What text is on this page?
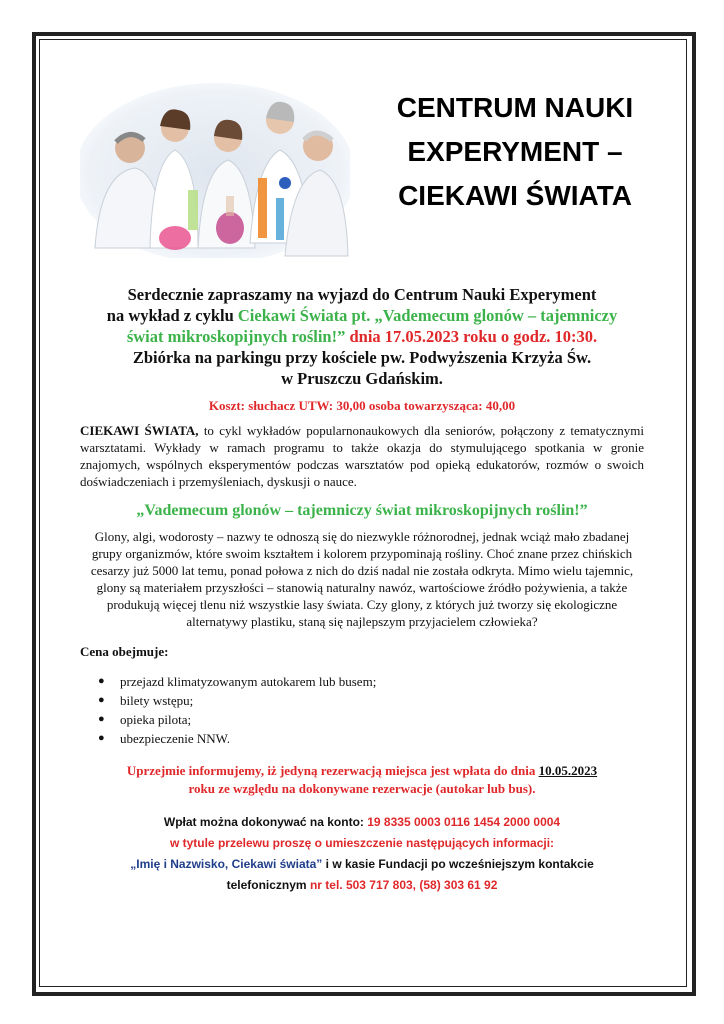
CENTRUM NAUKI
EXPERYMENT –
CIEKAWI ŚWIATA
Serdecznie zapraszamy na wyjazd do Centrum Nauki Experyment
na wykład z cyklu Ciekawi Świata pt. „Vademecum glonów – tajemniczy
świat mikroskopijnych roślin!” dnia 17.05.2023 roku o godz. 10:30.
Zbiórka na parkingu przy kościele pw. Podwyższenia Krzyża Św.
w Pruszczu Gdańskim.
Koszt: słuchacz UTW: 30,00 osoba towarzysząca: 40,00
CIEKAWI ŚWIATA, to cykl wykładów popularnonaukowych dla seniorów, połączony z tematycznymi warsztatami. Wykłady w ramach programu to także okazja do stymulującego spotkania w gronie znajomych, wspólnych eksperymentów podczas warsztatów pod opieką edukatorów, rozmów o swoich doświadczeniach i przemyśleniach, dyskusji o nauce.
„Vademecum glonów – tajemniczy świat mikroskopijnych roślin!”
Glony, algi, wodorosty – nazwy te odnoszą się do niezwykle różnorodnej, jednak wciąż mało zbadanej grupy organizmów, które swoim kształtem i kolorem przypominają rośliny. Choć znane przez chińskich cesarzy już 5000 lat temu, ponad połowa z nich do dziś nadal nie została odkryta. Mimo wielu tajemnic, glony są materiałem przyszłości – stanowią naturalny nawóz, wartościowe źródło pożywienia, a także produkują więcej tlenu niż wszystkie lasy świata. Czy glony, z których już tworzy się ekologiczne alternatywy plastiku, staną się najlepszym przyjacielem człowieka?
Cena obejmuje:
● przejazd klimatyzowanym autokarem lub busem;
● bilety wstępu;
● opieka pilota;
● ubezpieczenie NNW.
Uprzejmie informujemy, iż jedyną rezerwacją miejsca jest wpłata do dnia 10.05.2023
roku ze względu na dokonywane rezerwacje (autokar lub bus).
Wpłat można dokonywać na konto: 19 8335 0003 0116 1454 2000 0004
w tytule przelewu proszę o umieszczenie następujących informacji:
„Imię i Nazwisko, Ciekawi świata” i w kasie Fundacji po wcześniejszym kontakcie
telefonicznym nr tel. 503 717 803, (58) 303 61 92
